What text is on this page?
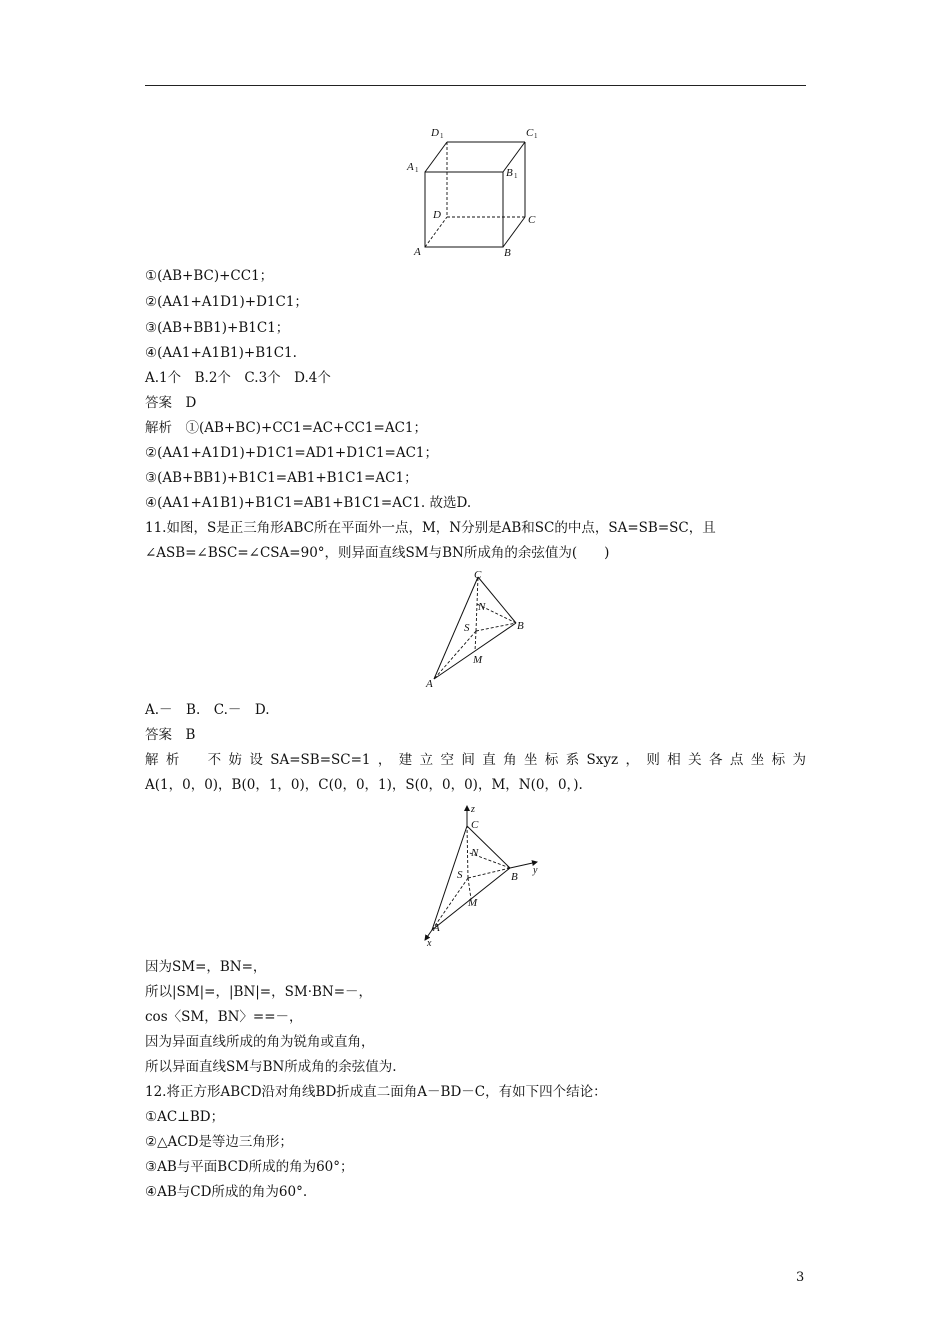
D 1	C 1
A 1	B 1
D	C
A	B
①(AB+BC)+CC1；
②(AA1+A1D1)+D1C1；
③(AB+BB1)+B1C1；
④(AA1+A1B1)+B1C1.
A.1个　B.2个　C.3个　D.4个
答案　D
解析　①(AB+BC)+CC1=AC+CC1=AC1；
②(AA1+A1D1)+D1C1=AD1+D1C1=AC1；
③(AB+BB1)+B1C1=AB1+B1C1=AC1；
④(AA1+A1B1)+B1C1=AB1+B1C1=AC1. 故选D.
11.如图，S是正三角形ABC所在平面外一点，M，N分别是AB和SC的中点，SA=SB=SC，且
∠ASB=∠BSC=∠CSA=90°，则异面直线SM与BN所成角的余弦值为(　　)
C
N
S	B
M
A
A.－　B.　C.－　D.
答案　B
解析　不妨设SA=SB=SC=1，建立空间直角坐标系Sxyz，则相关各点坐标为
A(1，0，0)，B(0，1，0)，C(0，0，1)，S(0，0，0)，M，N(0，0，).
z
C
N
S	B
y
M
A
x
因为SM=，BN=，
所以|SM|=，|BN|=，SM·BN=－，
cos〈SM，BN〉==－，
因为异面直线所成的角为锐角或直角，
所以异面直线SM与BN所成角的余弦值为.
12.将正方形ABCD沿对角线BD折成直二面角A－BD－C，有如下四个结论：
①AC⊥BD；
②△ACD是等边三角形；
③AB与平面BCD所成的角为60°；
④AB与CD所成的角为60°.
3
